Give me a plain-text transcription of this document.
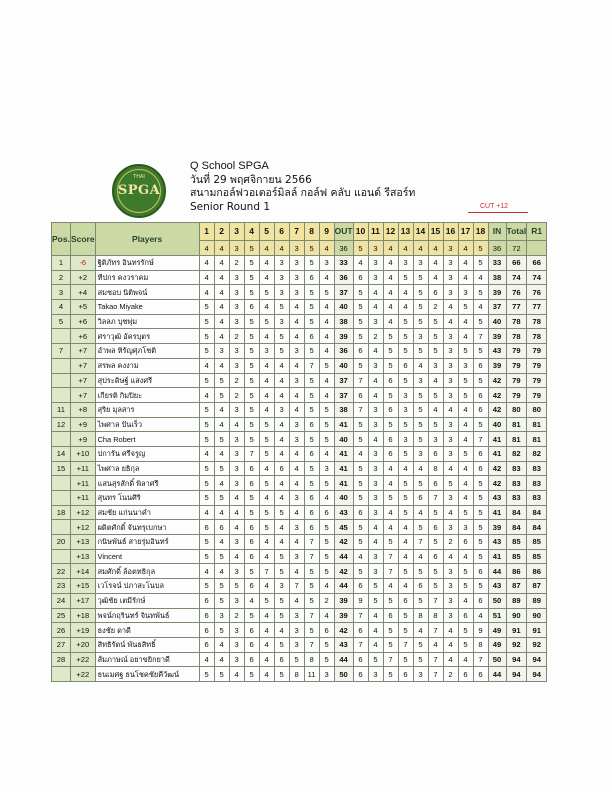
THAI
SPGA
Q School SPGA
วันที่ 29 พฤศจิกายน 2566
สนามกอล์ฟวอเตอร์มิลล์ กอล์ฟ คลับ แอนด์ รีสอร์ท
Senior Round 1	CUT +12
Pos.	Score	Players	1	2	3	4	5	6	7	8	9	OUT	10	11	12	13	14	15	16	17	18	IN	Total	R1
			4	4	3	5	4	4	3	5	4	36	5	3	4	4	4	4	3	4	5	36	72	
1	-6	ฐิติภัทร อินทรรักษ์	4	4	2	5	4	3	3	5	3	33	4	3	4	3	3	4	3	4	5	33	66	66
2	+2	ทีปกร คงวราคม	4	4	3	5	4	3	3	6	4	36	6	3	4	5	5	4	3	4	4	38	74	74
3	+4	สมชอบ นิติพจน์	4	4	3	5	5	3	3	5	5	37	5	4	4	4	5	6	3	3	5	39	76	76
4	+5	Takao Miyake	5	4	3	6	4	5	4	5	4	40	5	4	4	4	5	2	4	5	4	37	77	77
5	+6	วิลลภ บุชพุ่ม	5	4	3	5	5	3	4	5	4	38	5	3	4	5	5	5	4	4	5	40	78	78
	+6	ศราวุฒิ อัครบุตร	5	4	2	5	4	5	4	6	4	39	5	2	5	5	3	5	3	4	7	39	78	78
7	+7	อำพล หิรัญศุภโชติ	5	3	3	5	3	5	3	5	4	36	6	4	5	5	5	5	3	5	5	43	79	79
	+7	สรพล คงงาม	4	4	3	5	4	4	4	7	5	40	5	3	5	6	4	3	3	3	6	39	79	79
	+7	สุประดิษฐ์ แสงศรี	5	5	2	5	4	4	3	5	4	37	7	4	6	5	3	4	3	5	5	42	79	79
	+7	เกียรติ กิมปิยะ	4	5	2	5	4	4	4	5	4	37	6	4	5	3	5	5	3	5	6	42	79	79
11	+8	สุริย มุลสาร	5	4	3	5	4	3	4	5	5	38	7	3	6	3	5	4	4	4	6	42	80	80
12	+9	ไพศาล ปันเร็ว	5	4	4	5	5	4	3	6	5	41	5	3	5	5	5	5	3	4	5	40	81	81
	+9	Cha Robert	5	5	3	5	5	4	3	5	5	40	5	4	6	3	5	3	3	4	7	41	81	81
14	+10	ปการัน ศรีจรูญ	4	4	3	7	5	4	4	6	4	41	4	3	6	5	3	6	3	5	6	41	82	82
15	+11	ไพศาล ยธิกุล	5	5	3	6	4	6	4	5	3	41	5	3	4	4	4	8	4	4	6	42	83	83
	+11	แสนสุรสักดิ์ พิลาศรี	5	4	3	6	5	4	4	5	5	41	5	3	4	5	5	6	5	4	5	42	83	83
	+11	สุนทร โนนศิริ	5	5	4	5	4	4	3	6	4	40	5	3	5	5	6	7	3	4	5	43	83	83
18	+12	สมชัย แก่นนาคำ	4	4	4	5	5	5	4	6	6	43	6	3	4	5	4	5	4	5	5	41	84	84
	+12	ผดิตศักดิ์ จันทรุเบกษา	6	6	4	6	5	4	3	6	5	45	5	4	4	4	5	6	3	3	5	39	84	84
20	+13	กนิษพันธ์ สายรุ่มอินทร์	5	4	3	6	4	4	4	7	5	42	5	4	5	4	7	5	2	6	5	43	85	85
	+13	Vincent	5	5	4	6	4	5	3	7	5	44	4	3	7	4	4	6	4	4	5	41	85	85
22	+14	สมศักดิ์ ล้อตทธิกุล	4	4	3	5	7	5	4	5	5	42	5	3	7	5	5	5	3	5	6	44	86	86
23	+15	เวโรจน์ ปภาสะโนบล	5	5	5	6	4	3	7	5	4	44	6	5	4	4	6	5	3	5	5	43	87	87
24	+17	วุฒิชัย เตมีรักษ์	6	5	3	4	5	5	4	5	2	39	9	5	5	6	5	7	3	4	6	50	89	89
25	+18	พจน์กฤรินทร์ จินทพันธ์	6	3	2	5	4	5	3	7	4	39	7	4	6	5	8	8	3	6	4	51	90	90
26	+19	ธงชัย ดาดี	6	5	3	6	4	4	3	5	6	42	6	4	5	5	4	7	4	5	9	49	91	91
27	+20	สิทธิรัตน์ พันธสิทธิ์	6	4	3	6	4	5	3	7	5	43	7	4	5	7	5	4	4	5	8	49	92	92
28	+22	ส้มภาษณ์ อยาขยิกยาดี	4	4	3	6	4	6	5	8	5	44	6	5	7	5	5	7	4	4	7	50	94	94
	+22	ธนเมศฐ ธนโชคชัยคีวัฒน์	5	5	4	5	4	5	8	11	3	50	6	3	5	6	3	7	2	6	6	44	94	94
